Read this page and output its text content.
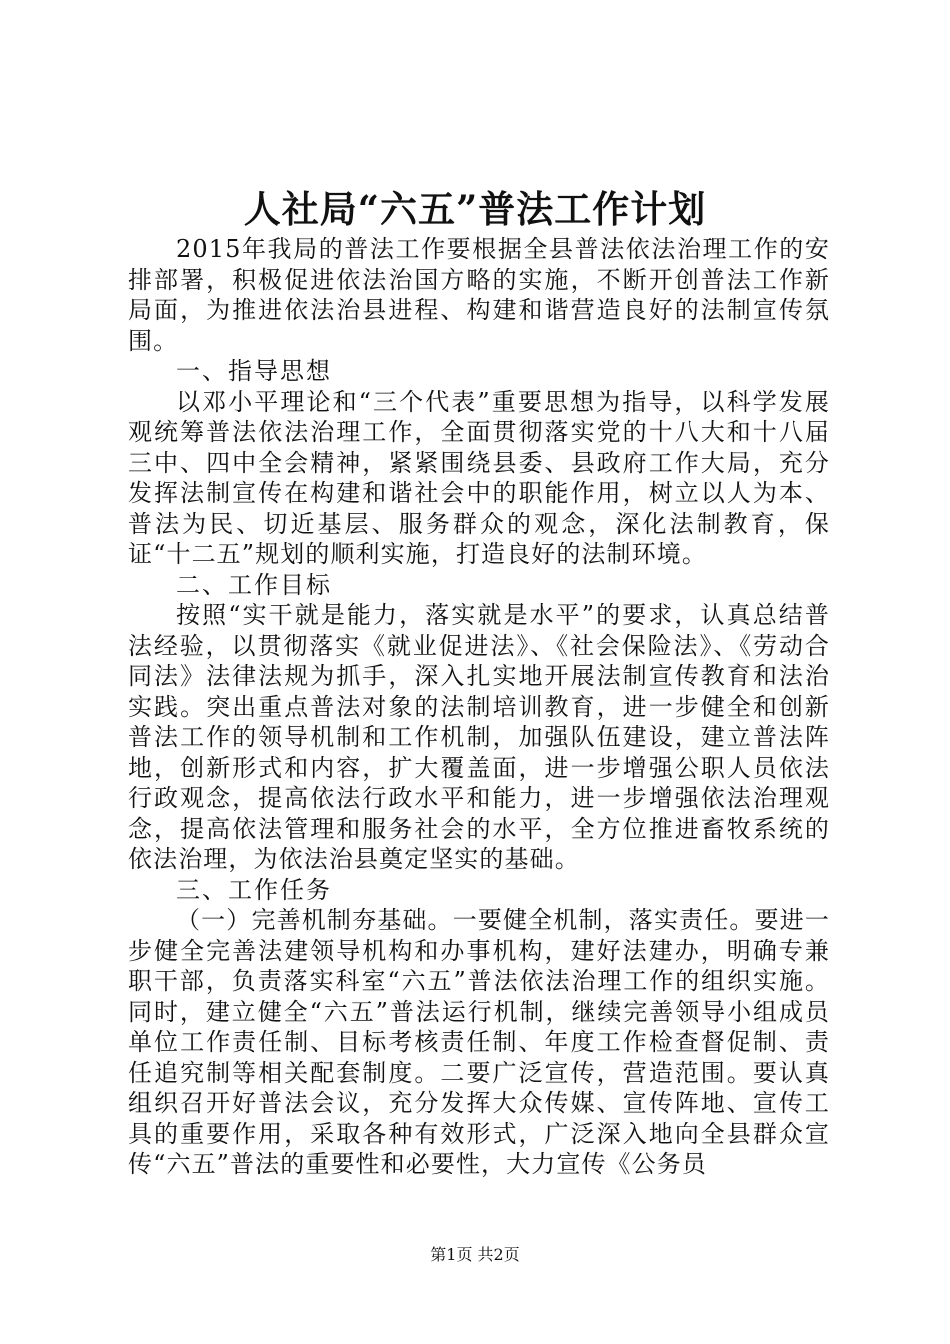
人社局“六五”普法工作计划

2015年我局的普法工作要根据全县普法依法治理工作的安排部署，积极促进依法治国方略的实施，不断开创普法工作新局面，为推进依法治县进程、构建和谐营造良好的法制宣传氛围。

一、指导思想

以邓小平理论和“三个代表”重要思想为指导，以科学发展观统筹普法依法治理工作，全面贯彻落实党的十八大和十八届三中、四中全会精神，紧紧围绕县委、县政府工作大局，充分发挥法制宣传在构建和谐社会中的职能作用，树立以人为本、普法为民、切近基层、服务群众的观念，深化法制教育，保证“十二五”规划的顺利实施，打造良好的法制环境。

二、工作目标

按照“实干就是能力，落实就是水平”的要求，认真总结普法经验，以贯彻落实《就业促进法》、《社会保险法》、《劳动合同法》法律法规为抓手，深入扎实地开展法制宣传教育和法治实践。突出重点普法对象的法制培训教育，进一步健全和创新普法工作的领导机制和工作机制，加强队伍建设，建立普法阵地，创新形式和内容，扩大覆盖面，进一步增强公职人员依法行政观念，提高依法行政水平和能力，进一步增强依法治理观念，提高依法管理和服务社会的水平，全方位推进畜牧系统的依法治理，为依法治县奠定坚实的基础。

三、工作任务

（一）完善机制夯基础。一要健全机制，落实责任。要进一步健全完善法建领导机构和办事机构，建好法建办，明确专兼职干部，负责落实科室“六五”普法依法治理工作的组织实施。同时，建立健全“六五”普法运行机制，继续完善领导小组成员单位工作责任制、目标考核责任制、年度工作检查督促制、责任追究制等相关配套制度。二要广泛宣传，营造范围。要认真组织召开好普法会议，充分发挥大众传媒、宣传阵地、宣传工具的重要作用，采取各种有效形式，广泛深入地向全县群众宣传“六五”普法的重要性和必要性，大力宣传《公务员

第1页 共2页
